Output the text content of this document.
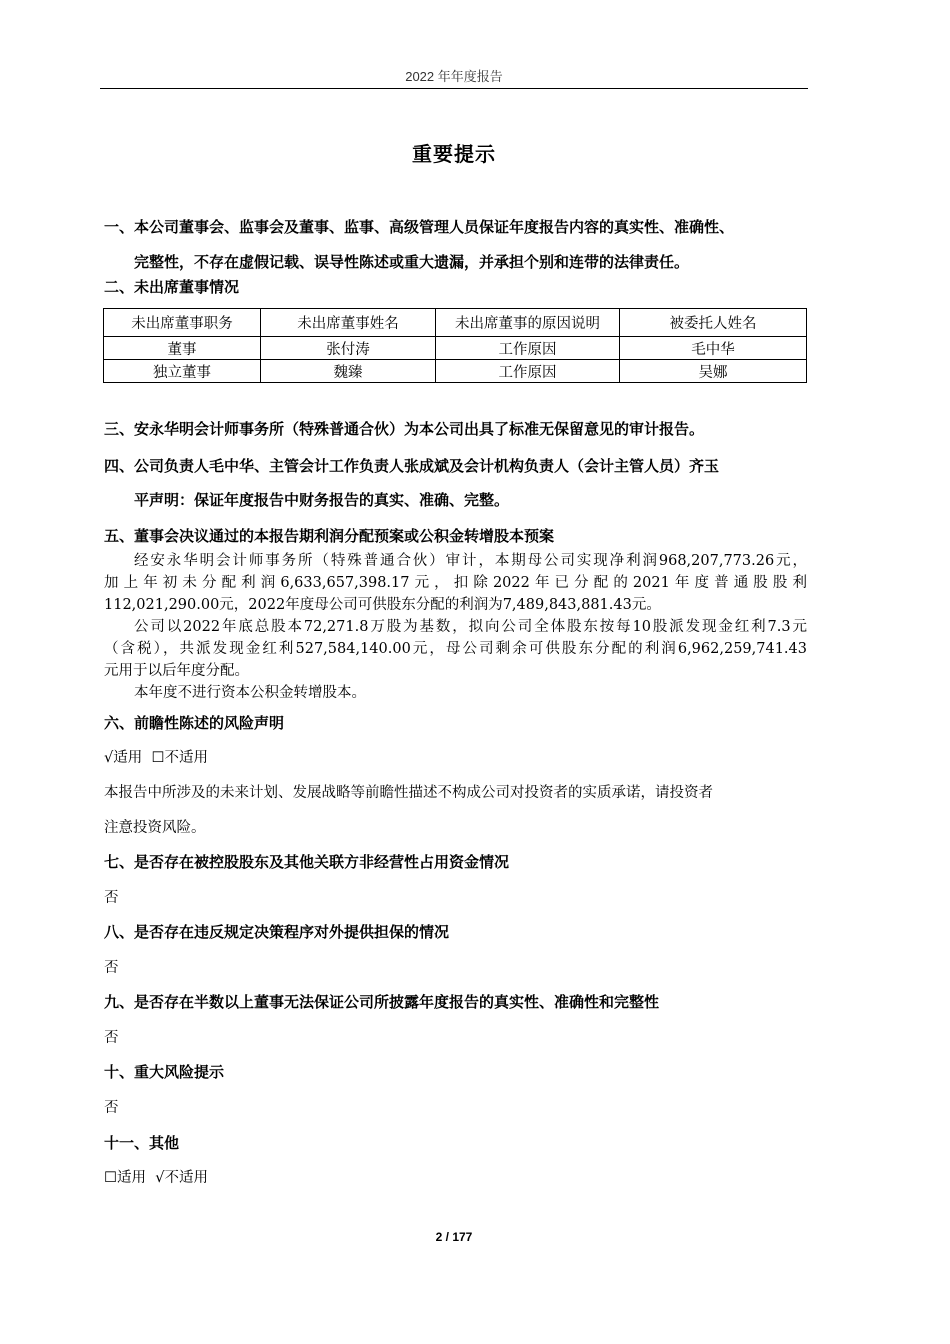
2022 年年度报告
重要提示
一、本公司董事会、监事会及董事、监事、高级管理人员保证年度报告内容的真实性、准确性、
完整性，不存在虚假记载、误导性陈述或重大遗漏，并承担个别和连带的法律责任。
二、未出席董事情况
未出席董事职务	未出席董事姓名	未出席董事的原因说明	被委托人姓名
董事	张付涛	工作原因	毛中华
独立董事	魏臻	工作原因	吴娜
三、安永华明会计师事务所（特殊普通合伙）为本公司出具了标准无保留意见的审计报告。
四、公司负责人毛中华、主管会计工作负责人张成斌及会计机构负责人（会计主管人员）齐玉
平声明：保证年度报告中财务报告的真实、准确、完整。
五、董事会决议通过的本报告期利润分配预案或公积金转增股本预案
经安永华明会计师事务所（特殊普通合伙）审计，本期母公司实现净利润968,207,773.26元，
加上年初未分配利润6,633,657,398.17元，扣除2022年已分配的2021年度普通股股利
112,021,290.00元，2022年度母公司可供股东分配的利润为7,489,843,881.43元。
公司以2022年底总股本72,271.8万股为基数，拟向公司全体股东按每10股派发现金红利7.3元
（含税），共派发现金红利527,584,140.00元，母公司剩余可供股东分配的利润6,962,259,741.43
元用于以后年度分配。
本年度不进行资本公积金转增股本。
六、前瞻性陈述的风险声明
√适用 ☐不适用
本报告中所涉及的未来计划、发展战略等前瞻性描述不构成公司对投资者的实质承诺，请投资者
注意投资风险。
七、是否存在被控股股东及其他关联方非经营性占用资金情况
否
八、是否存在违反规定决策程序对外提供担保的情况
否
九、是否存在半数以上董事无法保证公司所披露年度报告的真实性、准确性和完整性
否
十、重大风险提示
否
十一、其他
☐适用 √不适用
2 / 177
